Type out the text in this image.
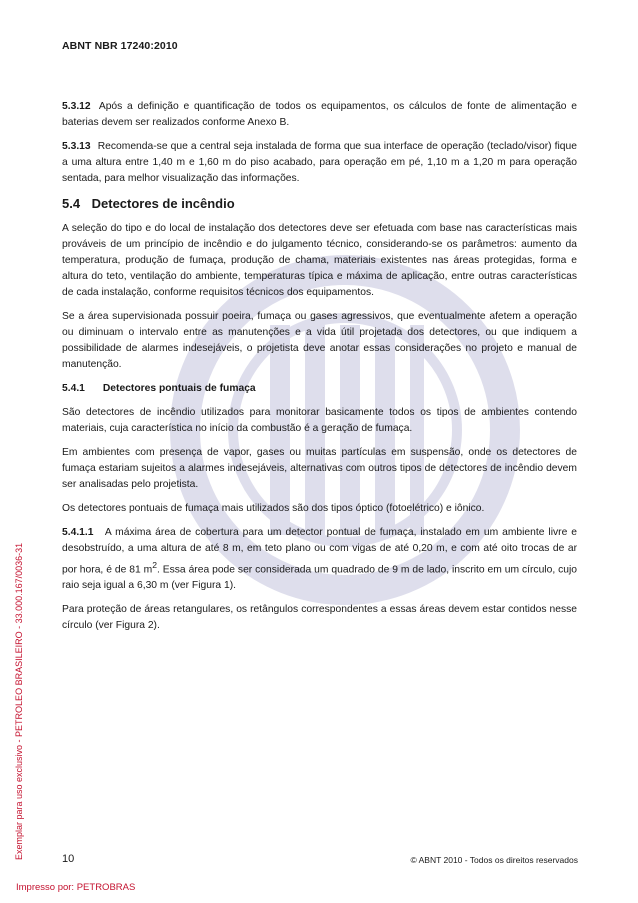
ABNT NBR 17240:2010
Exemplar para uso exclusivo - PETROLEO BRASILEIRO - 33.000.167/0036-31

5.3.12 Após a definição e quantificação de todos os equipamentos, os cálculos de fonte de alimentação e baterias devem ser realizados conforme Anexo B.

5.3.13 Recomenda-se que a central seja instalada de forma que sua interface de operação (teclado/visor) fique a uma altura entre 1,40 m e 1,60 m do piso acabado, para operação em pé, 1,10 m a 1,20 m para operação sentada, para melhor visualização das informações.

5.4 Detectores de incêndio

A seleção do tipo e do local de instalação dos detectores deve ser efetuada com base nas características mais prováveis de um princípio de incêndio e do julgamento técnico, considerando-se os parâmetros: aumento da temperatura, produção de fumaça, produção de chama, materiais existentes nas áreas protegidas, forma e altura do teto, ventilação do ambiente, temperaturas típica e máxima de aplicação, entre outras características de cada instalação, conforme requisitos técnicos dos equipamentos.

Se a área supervisionada possuir poeira, fumaça ou gases agressivos, que eventualmente afetem a operação ou diminuam o intervalo entre as manutenções e a vida útil projetada dos detectores, ou que indiquem a possibilidade de alarmes indesejáveis, o projetista deve anotar essas considerações no projeto e manual de manutenção.

5.4.1 Detectores pontuais de fumaça

São detectores de incêndio utilizados para monitorar basicamente todos os tipos de ambientes contendo materiais, cuja característica no início da combustão é a geração de fumaça.

Em ambientes com presença de vapor, gases ou muitas partículas em suspensão, onde os detectores de fumaça estariam sujeitos a alarmes indesejáveis, alternativas com outros tipos de detectores de incêndio devem ser analisadas pelo projetista.

Os detectores pontuais de fumaça mais utilizados são dos tipos óptico (fotoelétrico) e iônico.

5.4.1.1 A máxima área de cobertura para um detector pontual de fumaça, instalado em um ambiente livre e desobstruído, a uma altura de até 8 m, em teto plano ou com vigas de até 0,20 m, e com até oito trocas de ar por hora, é de 81 $m^2$. Essa área pode ser considerada um quadrado de 9 m de lado, inscrito em um círculo, cujo raio seja igual a 6,30 m (ver Figura 1).

Para proteção de áreas retangulares, os retângulos correspondentes a essas áreas devem estar contidos nesse círculo (ver Figura 2).

10	© ABNT 2010 - Todos os direitos reservados
Impresso por: PETROBRAS
